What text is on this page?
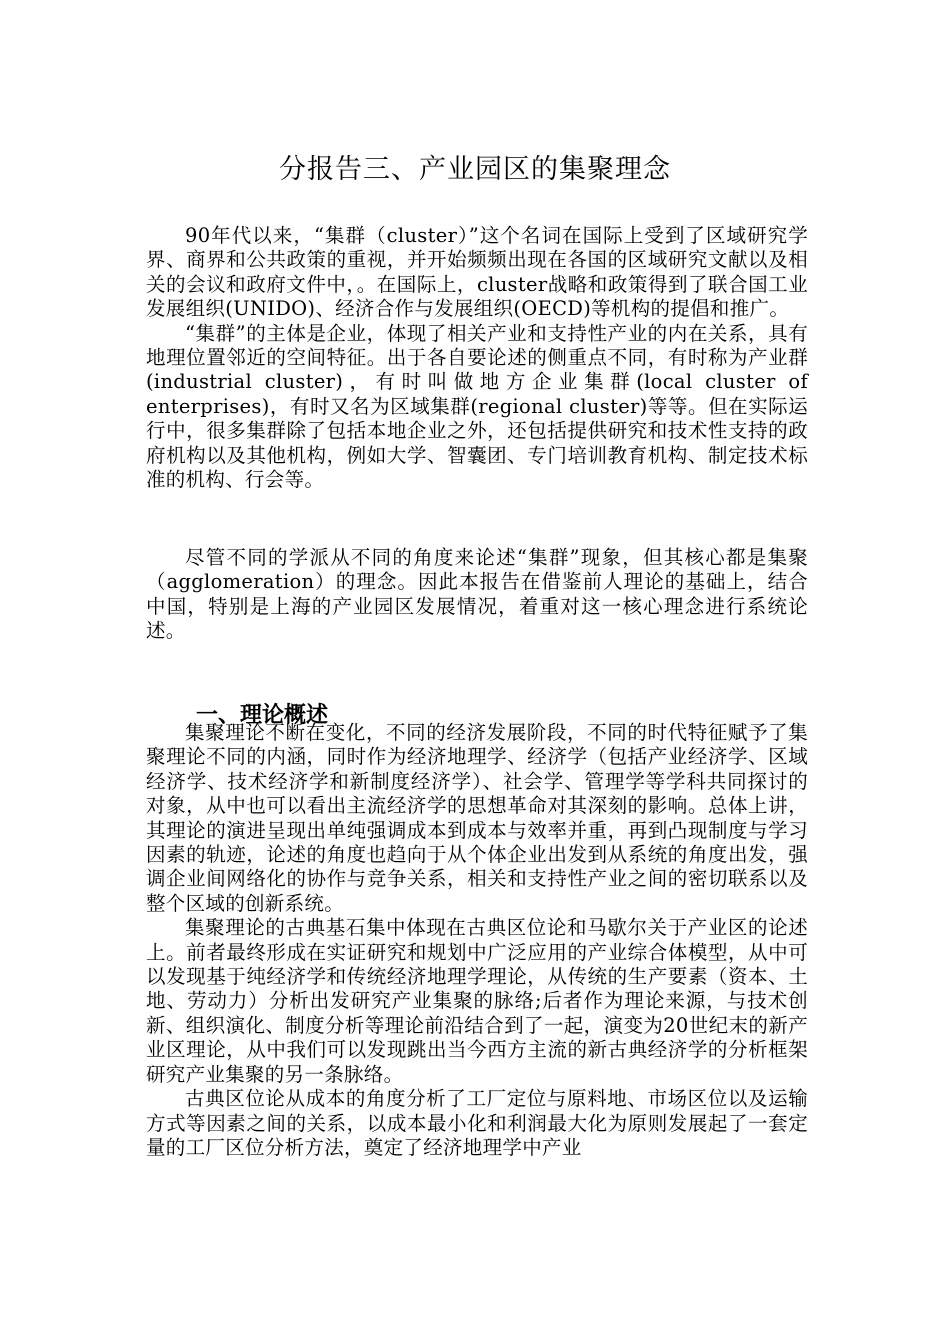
分报告三、产业园区的集聚理念

90年代以来，“集群（cluster）”这个名词在国际上受到了区域研究学界、商界和公共政策的重视，并开始频频出现在各国的区域研究文献以及相关的会议和政府文件中，。在国际上，cluster战略和政策得到了联合国工业发展组织(UNIDO)、经济合作与发展组织(OECD)等机构的提倡和推广。

“集群”的主体是企业，体现了相关产业和支持性产业的内在关系，具有地理位置邻近的空间特征。出于各自要论述的侧重点不同，有时称为产业群 (industrial cluster)，有时叫做地方企业集群(local cluster of enterprises)，有时又名为区域集群(regional cluster)等等。但在实际运行中，很多集群除了包括本地企业之外，还包括提供研究和技术性支持的政府机构以及其他机构，例如大学、智囊团、专门培训教育机构、制定技术标准的机构、行会等。

尽管不同的学派从不同的角度来论述“集群”现象，但其核心都是集聚（agglomeration）的理念。因此本报告在借鉴前人理论的基础上，结合中国，特别是上海的产业园区发展情况，着重对这一核心理念进行系统论述。

一、理论概述

集聚理论不断在变化，不同的经济发展阶段，不同的时代特征赋予了集聚理论不同的内涵，同时作为经济地理学、经济学（包括产业经济学、区域经济学、技术经济学和新制度经济学）、社会学、管理学等学科共同探讨的对象，从中也可以看出主流经济学的思想革命对其深刻的影响。总体上讲，其理论的演进呈现出单纯强调成本到成本与效率并重，再到凸现制度与学习因素的轨迹，论述的角度也趋向于从个体企业出发到从系统的角度出发，强调企业间网络化的协作与竞争关系，相关和支持性产业之间的密切联系以及整个区域的创新系统。

集聚理论的古典基石集中体现在古典区位论和马歇尔关于产业区的论述上。前者最终形成在实证研究和规划中广泛应用的产业综合体模型，从中可以发现基于纯经济学和传统经济地理学理论，从传统的生产要素（资本、土地、劳动力）分析出发研究产业集聚的脉络;后者作为理论来源，与技术创新、组织演化、制度分析等理论前沿结合到了一起，演变为20世纪末的新产业区理论，从中我们可以发现跳出当今西方主流的新古典经济学的分析框架研究产业集聚的另一条脉络。

古典区位论从成本的角度分析了工厂定位与原料地、市场区位以及运输方式等因素之间的关系，以成本最小化和利润最大化为原则发展起了一套定量的工厂区位分析方法，奠定了经济地理学中产业
